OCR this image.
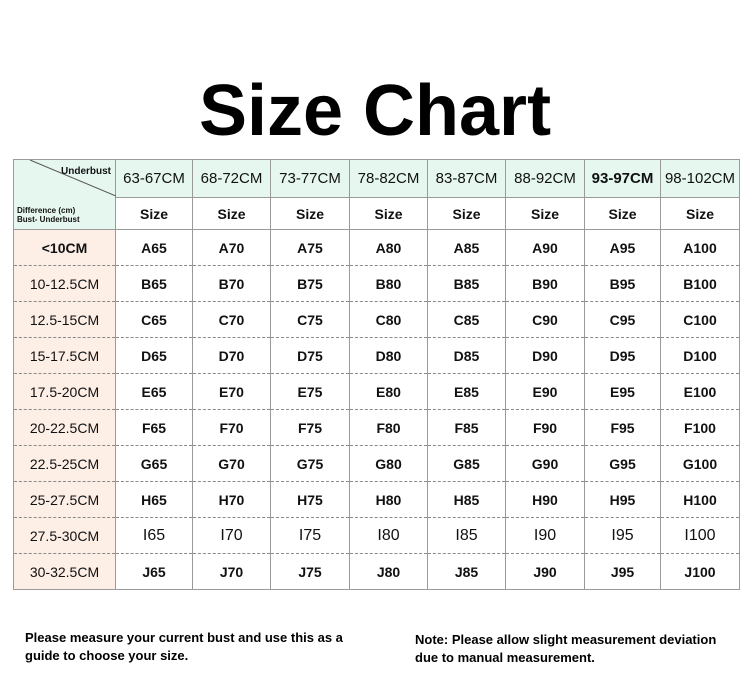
Size Chart
Underbust
Difference (cm)
Bust- Underbust	63-67CM	68-72CM	73-77CM	78-82CM	83-87CM	88-92CM	93-97CM	98-102CM
	Size	Size	Size	Size	Size	Size	Size	Size
<10CM	A65	A70	A75	A80	A85	A90	A95	A100
10-12.5CM	B65	B70	B75	B80	B85	B90	B95	B100
12.5-15CM	C65	C70	C75	C80	C85	C90	C95	C100
15-17.5CM	D65	D70	D75	D80	D85	D90	D95	D100
17.5-20CM	E65	E70	E75	E80	E85	E90	E95	E100
20-22.5CM	F65	F70	F75	F80	F85	F90	F95	F100
22.5-25CM	G65	G70	G75	G80	G85	G90	G95	G100
25-27.5CM	H65	H70	H75	H80	H85	H90	H95	H100
27.5-30CM	I65	I70	I75	I80	I85	I90	I95	I100
30-32.5CM	J65	J70	J75	J80	J85	J90	J95	J100
Please measure your current bust and use this as a guide to choose your size.
Note: Please allow slight measurement deviation due to manual measurement.
